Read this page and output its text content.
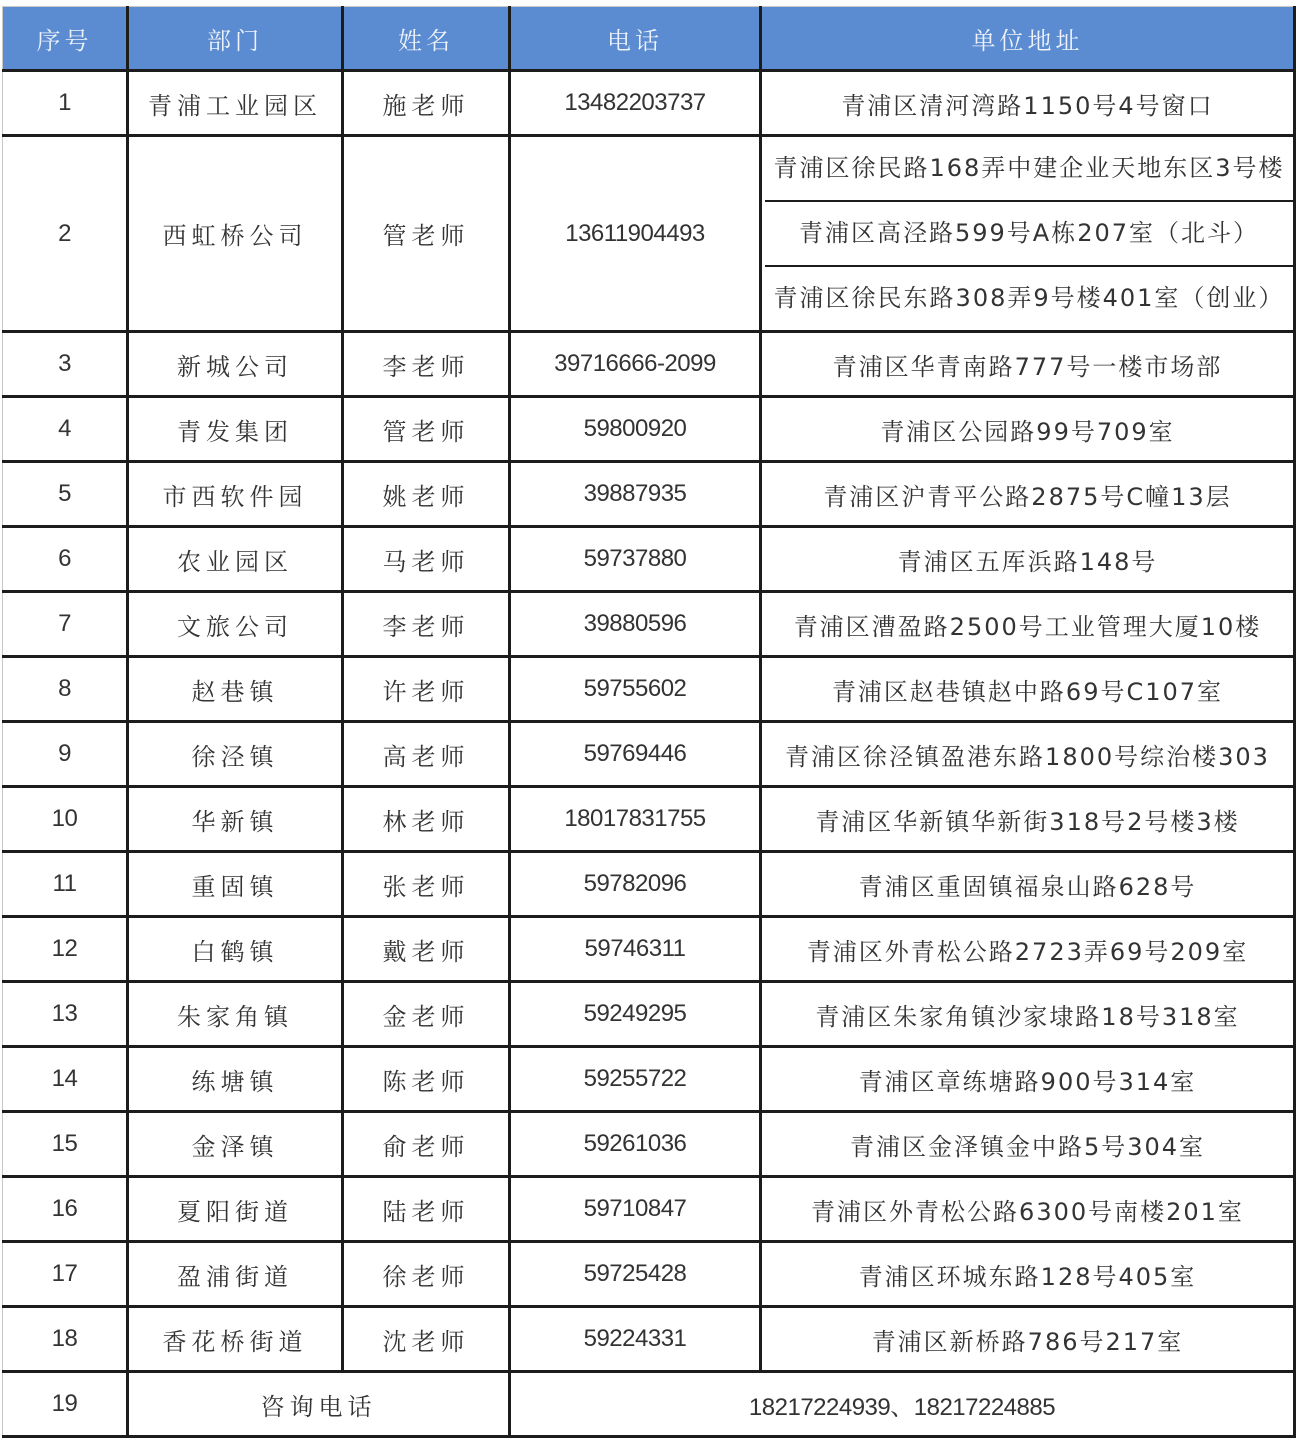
序号	部门	姓名	电话	单位地址
1	青浦工业园区	施老师	13482203737	青浦区清河湾路1150号4号窗口
2	西虹桥公司	管老师	13611904493	青浦区徐民路168弄中建企业天地东区3号楼
青浦区高泾路599号A栋207室（北斗）
青浦区徐民东路308弄9号楼401室（创业）

3	新城公司	李老师	39716666-2099	青浦区华青南路777号一楼市场部
4	青发集团	管老师	59800920	青浦区公园路99号709室
5	市西软件园	姚老师	39887935	青浦区沪青平公路2875号C幢13层
6	农业园区	马老师	59737880	青浦区五厍浜路148号
7	文旅公司	李老师	39880596	青浦区漕盈路2500号工业管理大厦10楼
8	赵巷镇	许老师	59755602	青浦区赵巷镇赵中路69号C107室
9	徐泾镇	高老师	59769446	青浦区徐泾镇盈港东路1800号综治楼303
10	华新镇	林老师	18017831755	青浦区华新镇华新街318号2号楼3楼
11	重固镇	张老师	59782096	青浦区重固镇福泉山路628号
12	白鹤镇	戴老师	59746311	青浦区外青松公路2723弄69号209室
13	朱家角镇	金老师	59249295	青浦区朱家角镇沙家埭路18号318室
14	练塘镇	陈老师	59255722	青浦区章练塘路900号314室
15	金泽镇	俞老师	59261036	青浦区金泽镇金中路5号304室
16	夏阳街道	陆老师	59710847	青浦区外青松公路6300号南楼201室
17	盈浦街道	徐老师	59725428	青浦区环城东路128号405室
18	香花桥街道	沈老师	59224331	青浦区新桥路786号217室
19	咨询电话		18217224939、18217224885	
